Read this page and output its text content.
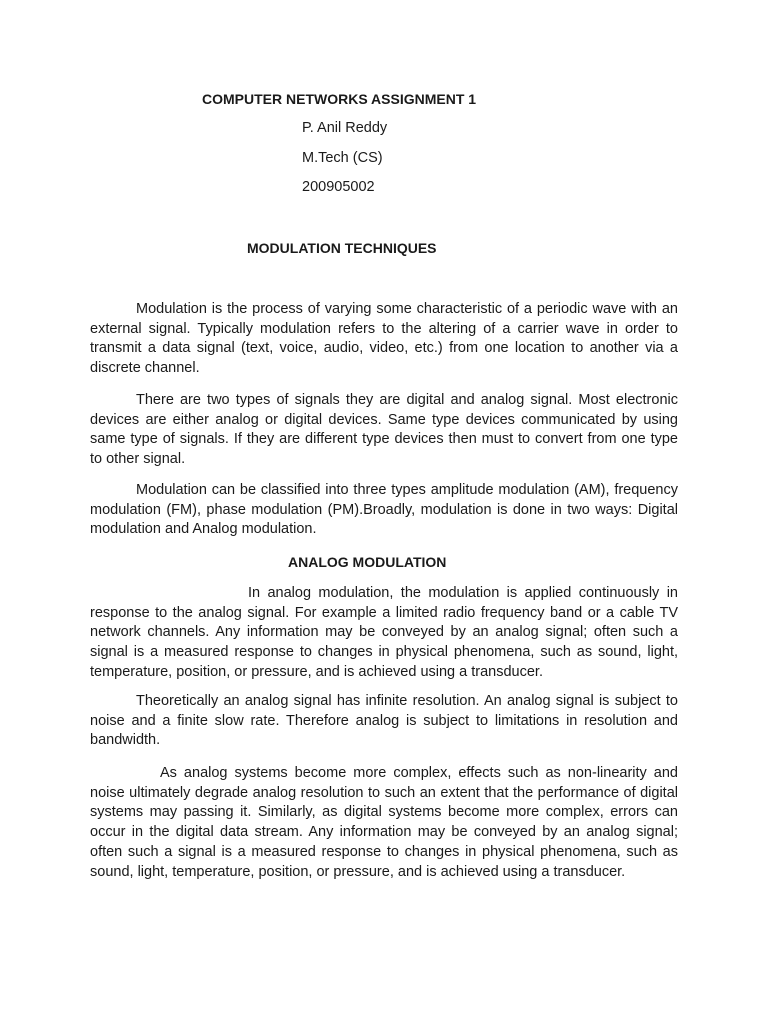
COMPUTER NETWORKS ASSIGNMENT 1
P. Anil Reddy
M.Tech (CS)
200905002
MODULATION TECHNIQUES

Modulation is the process of varying some characteristic of a periodic wave with an external signal. Typically modulation refers to the altering of a carrier wave in order to transmit a data signal (text, voice, audio, video, etc.) from one location to another via a discrete channel.

There are two types of signals they are digital and analog signal. Most electronic devices are either analog or digital devices. Same type devices communicated by using same type of signals. If they are different type devices then must to convert from one type to other signal.

Modulation can be classified into three types amplitude modulation (AM), frequency modulation (FM), phase modulation (PM).Broadly, modulation is done in two ways: Digital modulation and Analog modulation.

ANALOG MODULATION

In analog modulation, the modulation is applied continuously in response to the analog signal. For example a limited radio frequency band or a cable TV network channels. Any information may be conveyed by an analog signal; often such a signal is a measured response to changes in physical phenomena, such as sound, light, temperature, position, or pressure, and is achieved using a transducer.

Theoretically an analog signal has infinite resolution. An analog signal is subject to noise and a finite slow rate. Therefore analog is subject to limitations in resolution and bandwidth.

As analog systems become more complex, effects such as non-linearity and noise ultimately degrade analog resolution to such an extent that the performance of digital systems may passing it. Similarly, as digital systems become more complex, errors can occur in the digital data stream. Any information may be conveyed by an analog signal; often such a signal is a measured response to changes in physical phenomena, such as sound, light, temperature, position, or pressure, and is achieved using a transducer.
